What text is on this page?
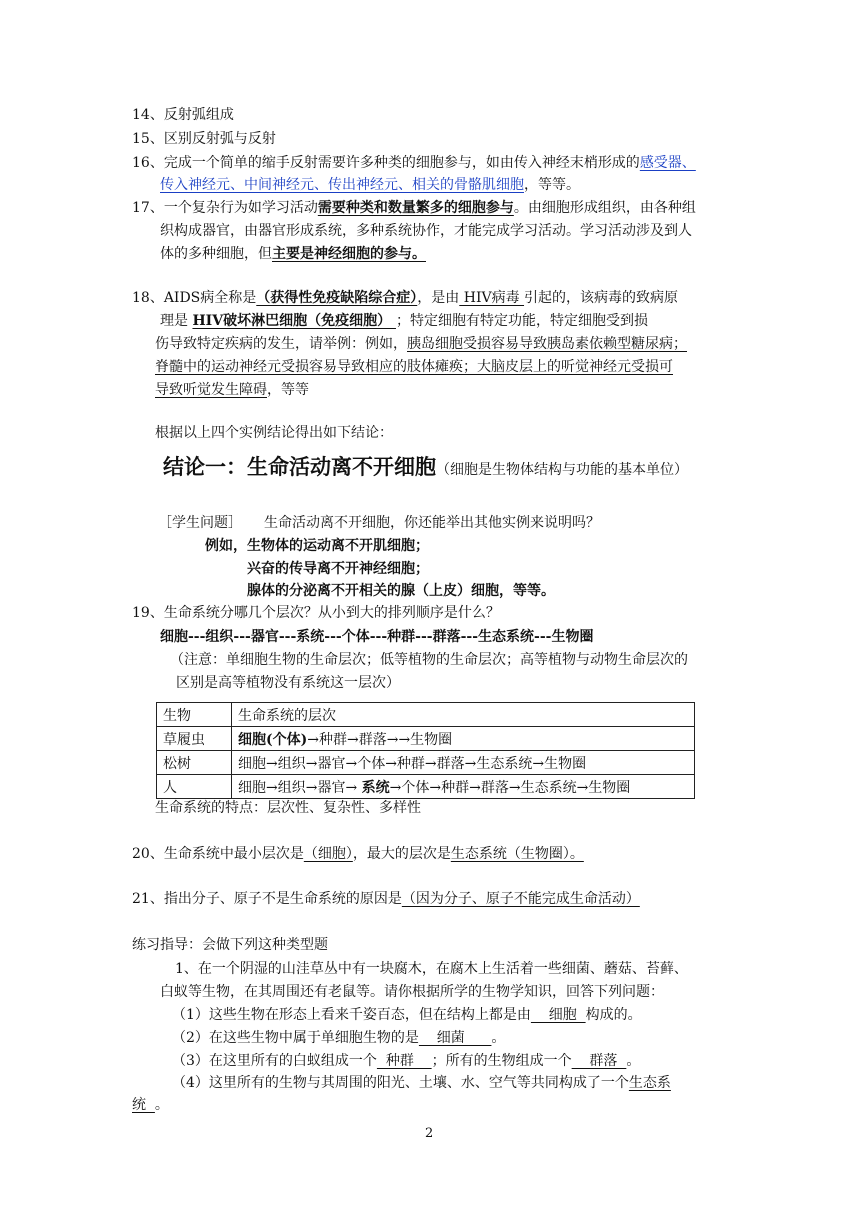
14、反射弧组成
15、区别反射弧与反射
16、完成一个简单的缩手反射需要许多种类的细胞参与，如由传入神经末梢形成的感受器、
传入神经元、中间神经元、传出神经元、相关的骨骼肌细胞，等等。
17、一个复杂行为如学习活动需要种类和数量繁多的细胞参与。由细胞形成组织，由各种组
织构成器官，由器官形成系统，多种系统协作，才能完成学习活动。学习活动涉及到人
体的多种细胞，但主要是神经细胞的参与。
18、AIDS病全称是（获得性免疫缺陷综合症），是由 HIV病毒 引起的，该病毒的致病原
理是 HIV破坏淋巴细胞（免疫细胞） ；特定细胞有特定功能，特定细胞受到损
伤导致特定疾病的发生，请举例：例如，胰岛细胞受损容易导致胰岛素依赖型糖尿病；
脊髓中的运动神经元受损容易导致相应的肢体瘫痪；大脑皮层上的听觉神经元受损可
导致听觉发生障碍，等等
根据以上四个实例结论得出如下结论：
结论一：生命活动离不开细胞（细胞是生物体结构与功能的基本单位）
［学生问题］ 生命活动离不开细胞，你还能举出其他实例来说明吗？
例如，生物体的运动离不开肌细胞；
兴奋的传导离不开神经细胞；
腺体的分泌离不开相关的腺（上皮）细胞，等等。
19、生命系统分哪几个层次？从小到大的排列顺序是什么？
细胞---组织---器官---系统---个体---种群---群落---生态系统---生物圈
（注意：单细胞生物的生命层次；低等植物的生命层次；高等植物与动物生命层次的
区别是高等植物没有系统这一层次）
生物	生命系统的层次
草履虫	细胞(个体)→种群→群落→→生物圈
松树	细胞→组织→器官→个体→种群→群落→生态系统→生物圈
人	细胞→组织→器官→ 系统→个体→种群→群落→生态系统→生物圈
生命系统的特点：层次性、复杂性、多样性
20、生命系统中最小层次是（细胞），最大的层次是生态系统（生物圈）。
21、指出分子、原子不是生命系统的原因是（因为分子、原子不能完成生命活动）
练习指导：会做下列这种类型题
1、在一个阴湿的山洼草丛中有一块腐木，在腐木上生活着一些细菌、蘑菇、苔藓、
白蚁等生物，在其周围还有老鼠等。请你根据所学的生物学知识，回答下列问题：
（1）这些生物在形态上看来千姿百态，但在结构上都是由    细胞  构成的。
（2）在这些生物中属于单细胞生物的是    细菌      。
（3）在这里所有的白蚁组成一个  种群    ；所有的生物组成一个    群落  。
（4）这里所有的生物与其周围的阳光、土壤、水、空气等共同构成了一个生态系
统  。
2
